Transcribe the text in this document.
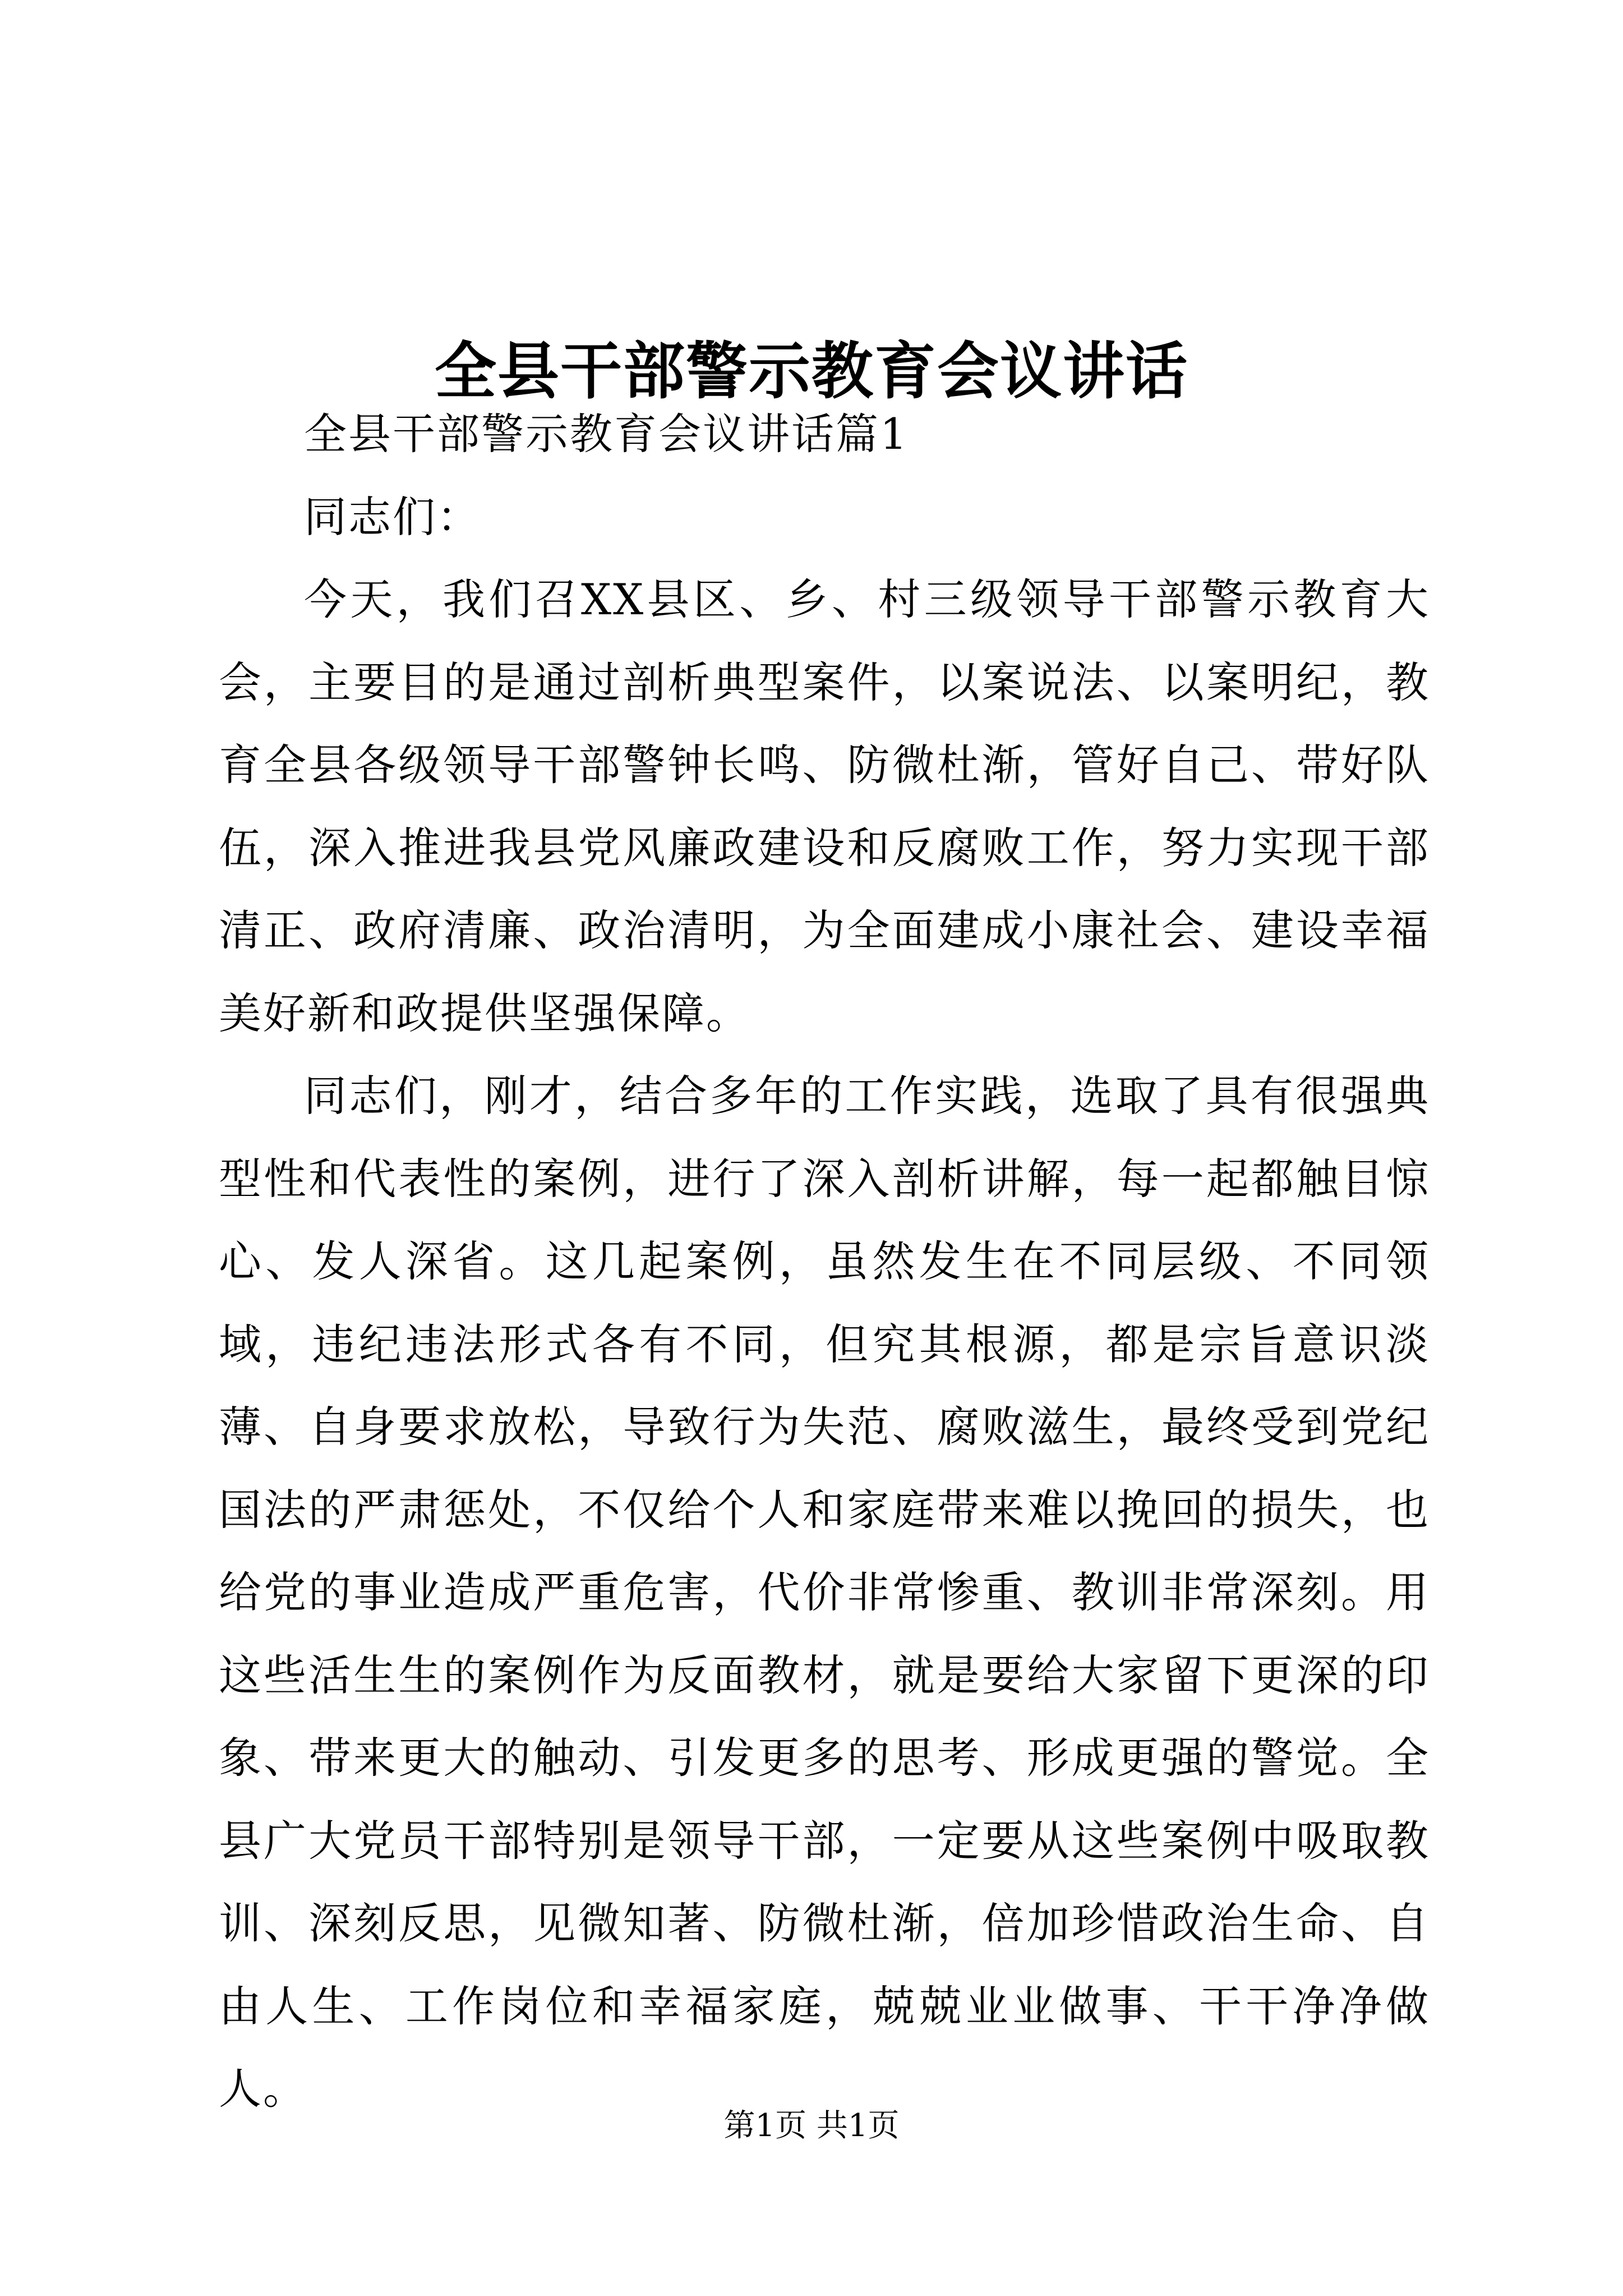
全县干部警示教育会议讲话

全县干部警示教育会议讲话篇1

同志们：

今天，我们召XX县区、乡、村三级领导干部警示教育大会，主要目的是通过剖析典型案件，以案说法、以案明纪，教育全县各级领导干部警钟长鸣、防微杜渐，管好自己、带好队伍，深入推进我县党风廉政建设和反腐败工作，努力实现干部清正、政府清廉、政治清明，为全面建成小康社会、建设幸福美好新和政提供坚强保障。

同志们，刚才，结合多年的工作实践，选取了具有很强典型性和代表性的案例，进行了深入剖析讲解，每一起都触目惊心、发人深省。这几起案例，虽然发生在不同层级、不同领域，违纪违法形式各有不同，但究其根源，都是宗旨意识淡薄、自身要求放松，导致行为失范、腐败滋生，最终受到党纪国法的严肃惩处，不仅给个人和家庭带来难以挽回的损失，也给党的事业造成严重危害，代价非常惨重、教训非常深刻。用这些活生生的案例作为反面教材，就是要给大家留下更深的印象、带来更大的触动、引发更多的思考、形成更强的警觉。全县广大党员干部特别是领导干部，一定要从这些案例中吸取教训、深刻反思，见微知著、防微杜渐，倍加珍惜政治生命、自由人生、工作岗位和幸福家庭，兢兢业业做事、干干净净做人。

第1页 共1页
